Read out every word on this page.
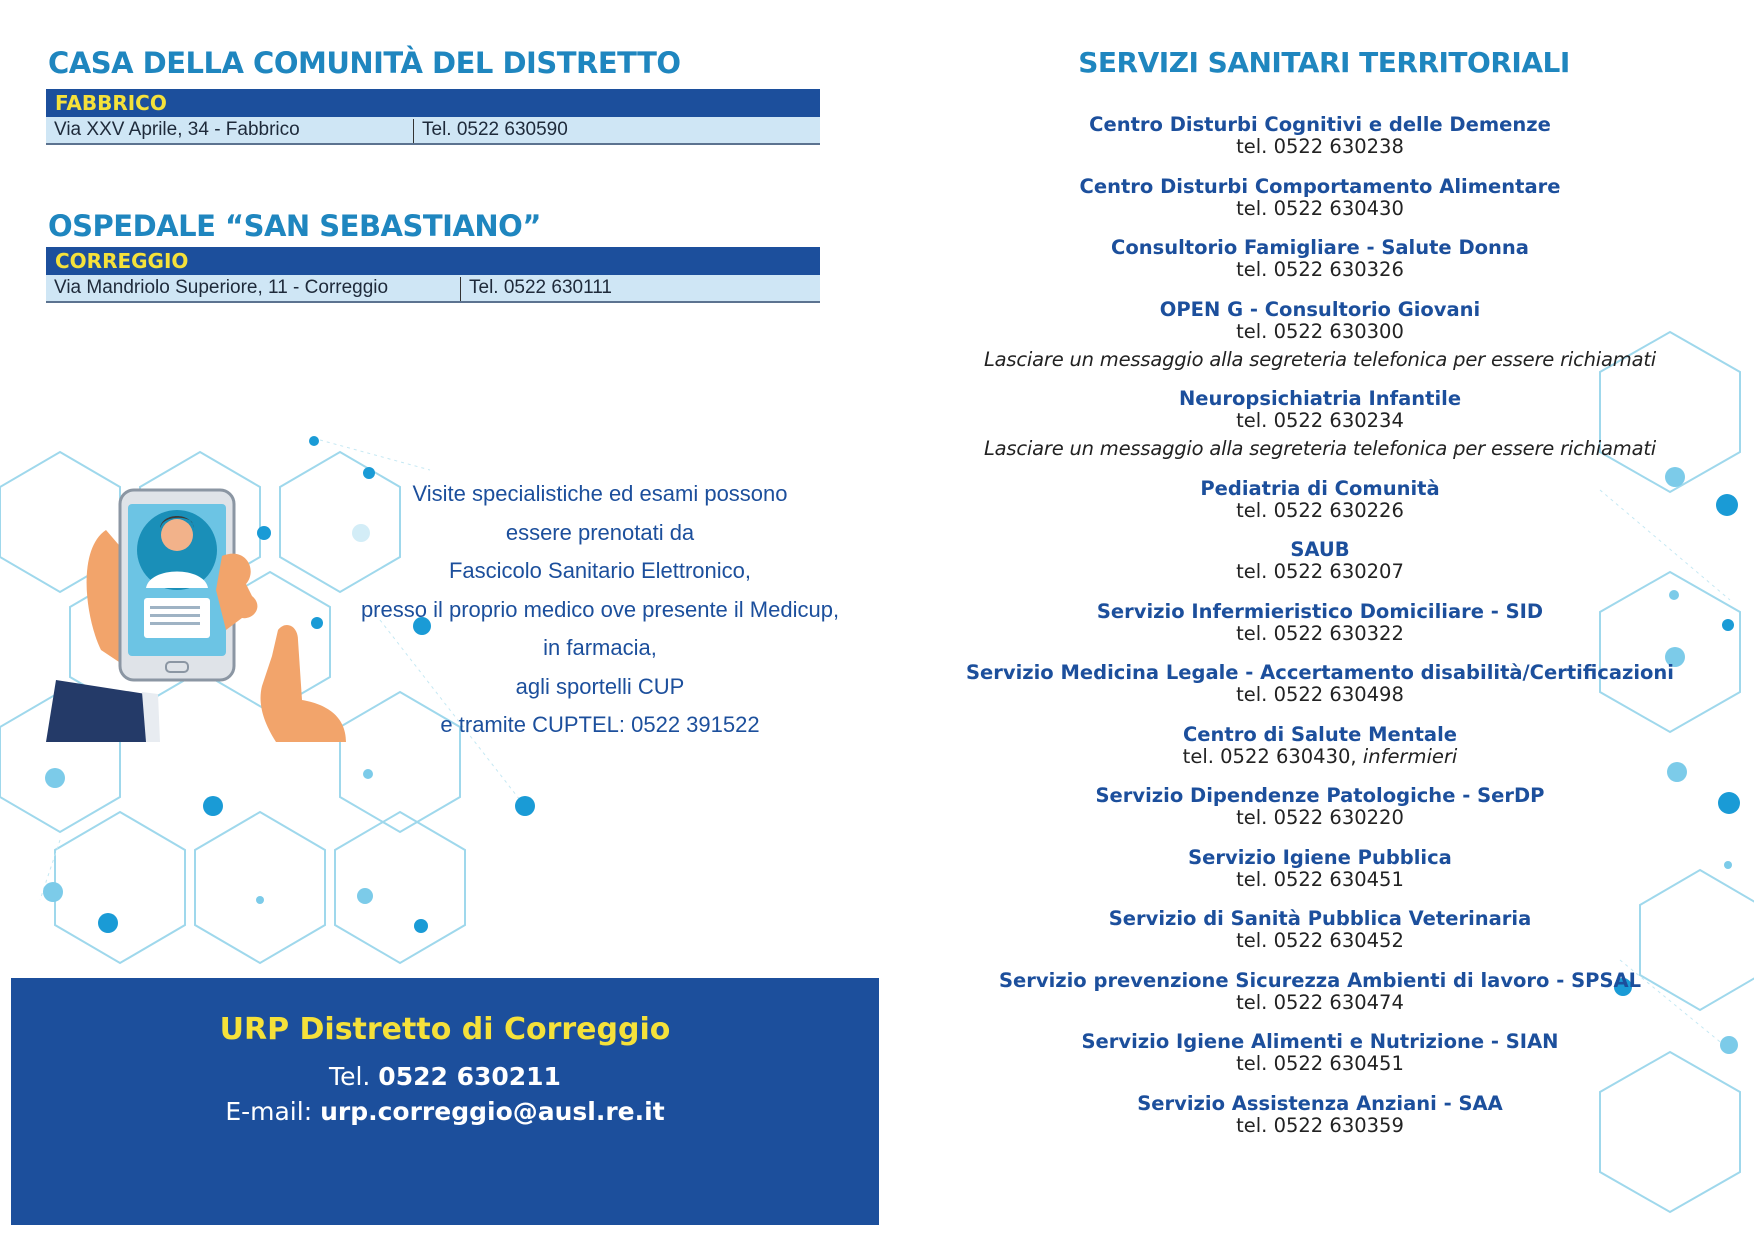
CASA DELLA COMUNITÀ DEL DISTRETTO
FABBRICO
Via XXV Aprile, 34 - Fabbrico	Tel. 0522 630590
OSPEDALE “SAN SEBASTIANO”
CORREGGIO
Via Mandriolo Superiore, 11 - Correggio	Tel. 0522 630111

Visite specialistiche ed esami possono

essere prenotati da

Fascicolo Sanitario Elettronico,

presso il proprio medico ove presente il Medicup,

in farmacia,

agli sportelli CUP

e tramite CUPTEL: 0522 391522

URP Distretto di Correggio
Tel. 0522 630211
E-mail: urp.correggio@ausl.re.it
SERVIZI SANITARI TERRITORIALI
Centro Disturbi Cognitivi e delle Demenze
tel. 0522 630238
Centro Disturbi Comportamento Alimentare
tel. 0522 630430
Consultorio Famigliare - Salute Donna
tel. 0522 630326
OPEN G - Consultorio Giovani
tel. 0522 630300
Lasciare un messaggio alla segreteria telefonica per essere richiamati
Neuropsichiatria Infantile
tel. 0522 630234
Lasciare un messaggio alla segreteria telefonica per essere richiamati
Pediatria di Comunità
tel. 0522 630226
SAUB
tel. 0522 630207
Servizio Infermieristico Domiciliare - SID
tel. 0522 630322
Servizio Medicina Legale - Accertamento disabilità/Certificazioni
tel. 0522 630498
Centro di Salute Mentale
tel. 0522 630430, infermieri
Servizio Dipendenze Patologiche - SerDP
tel. 0522 630220
Servizio Igiene Pubblica
tel. 0522 630451
Servizio di Sanità Pubblica Veterinaria
tel. 0522 630452
Servizio prevenzione Sicurezza Ambienti di lavoro - SPSAL
tel. 0522 630474
Servizio Igiene Alimenti e Nutrizione - SIAN
tel. 0522 630451
Servizio Assistenza Anziani - SAA
tel. 0522 630359
